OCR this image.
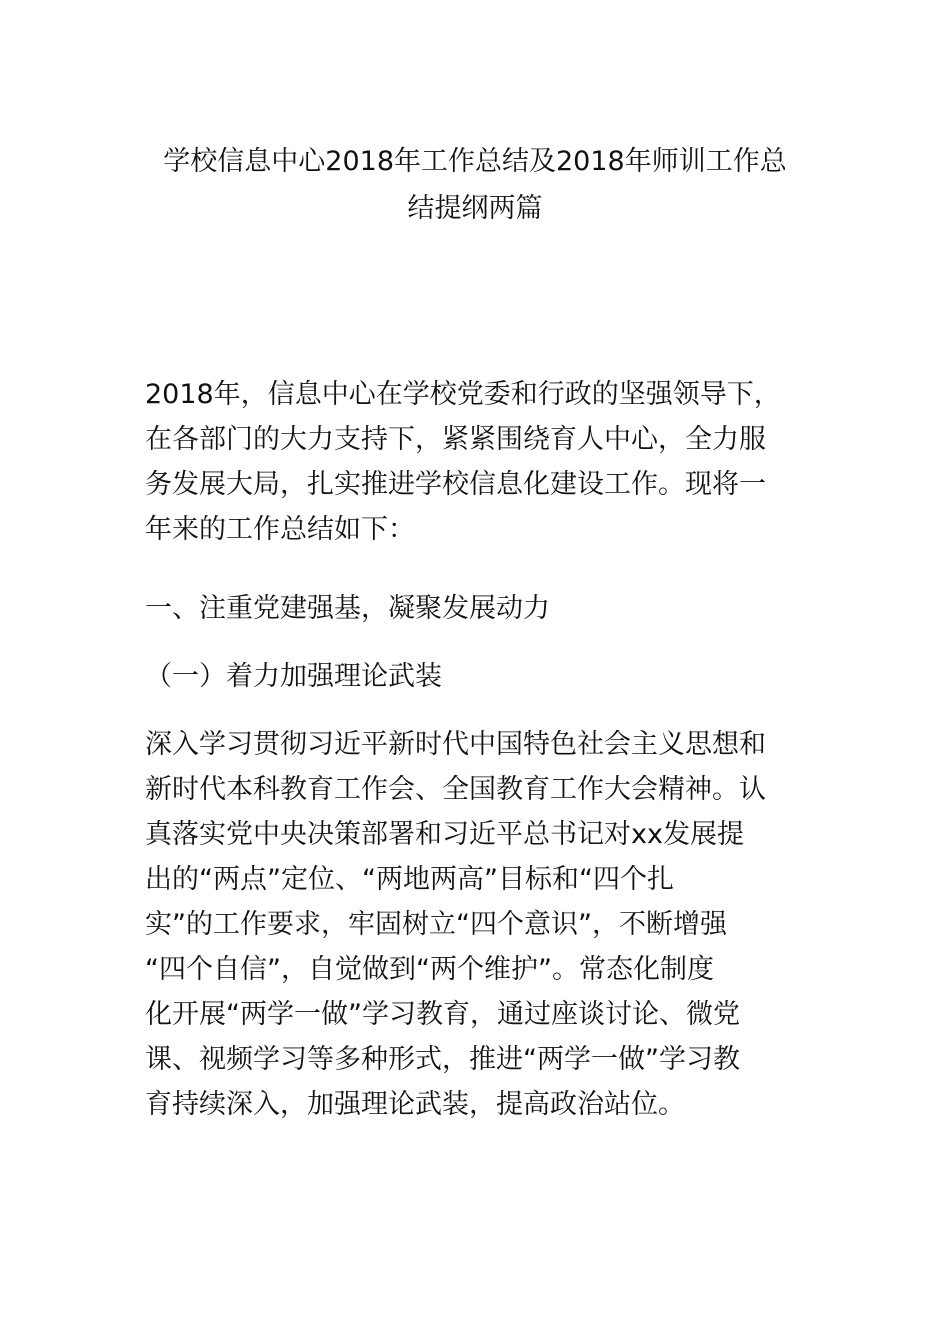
学校信息中心2018年工作总结及2018年师训工作总
结提纲两篇

2018年，信息中心在学校党委和行政的坚强领导下，
在各部门的大力支持下，紧紧围绕育人中心，全力服
务发展大局，扎实推进学校信息化建设工作。现将一
年来的工作总结如下：

一、注重党建强基，凝聚发展动力

（一）着力加强理论武装

深入学习贯彻习近平新时代中国特色社会主义思想和
新时代本科教育工作会、全国教育工作大会精神。认
真落实党中央决策部署和习近平总书记对xx发展提
出的“两点”定位、“两地两高”目标和“四个扎
实”的工作要求，牢固树立“四个意识”，不断增强
“四个自信”，自觉做到“两个维护”。常态化制度
化开展“两学一做”学习教育，通过座谈讨论、微党
课、视频学习等多种形式，推进“两学一做”学习教
育持续深入，加强理论武装，提高政治站位。
